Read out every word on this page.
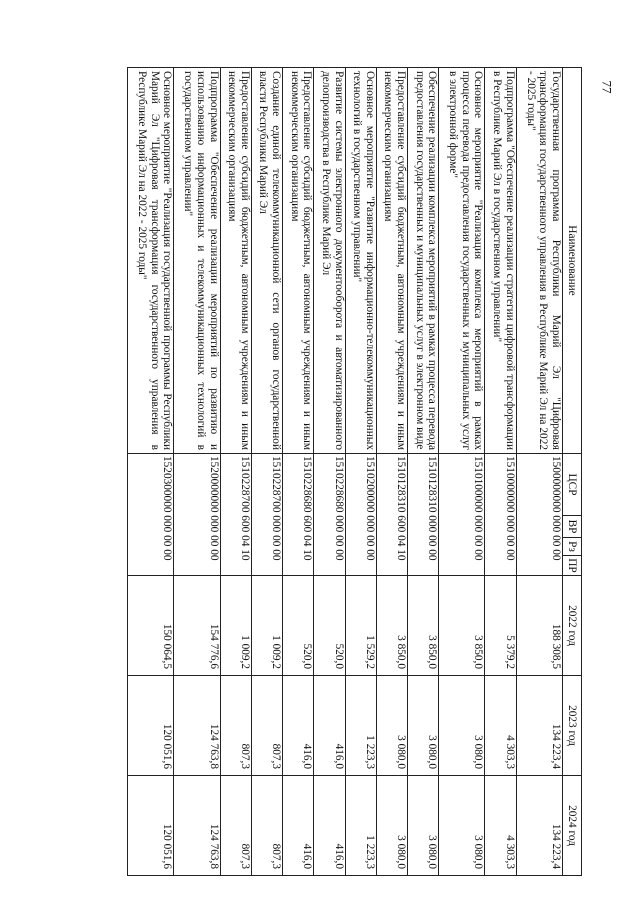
77
Наименование	ЦСР	ВР	Рз	ПР	2022 год	2023 год	2024 год
Государственная программа Республики Марий Эл "Цифровая трансформация государственного управления в Республике Марий Эл на 2022 - 2025 годы"	1500000000 000 00 00				188 308,5	134 223,4	134 223,4
Подпрограмма "Обеспечение реализации стратегии цифровой трансформации в Республике Марий Эл в государственном управлении"	1510000000 000 00 00				5 379,2	4 303,3	4 303,3
Основное мероприятие "Реализация комплекса мероприятий в рамках процесса перевода предоставления государственных и муниципальных услуг в электронной форме"	1510100000 000 00 00				3 850,0	3 080,0	3 080,0
Обеспечение реализации комплекса мероприятий в рамках процесса перевода предоставления государственных и муниципальных услуг в электронном виде	1510128310 000 00 00				3 850,0	3 080,0	3 080,0
Предоставление субсидий бюджетным, автономным учреждениям и иным некоммерческим организациям	1510128310 600 04 10				3 850,0	3 080,0	3 080,0
Основное мероприятие "Развитие информационно-телекоммуникационных технологий в государственном управлении"	1510200000 000 00 00				1 529,2	1 223,3	1 223,3
Развитие системы электронного документооборота и автоматизированного делопроизводства в Республике Марий Эл	1510228680 000 00 00				520,0	416,0	416,0
Предоставление субсидий бюджетным, автономным учреждениям и иным некоммерческим организациям	1510228680 600 04 10				520,0	416,0	416,0
Создание единой телекоммуникационной сети органов государственной власти Республики Марий Эл	1510228700 000 00 00				1 009,2	807,3	807,3
Предоставление субсидий бюджетным, автономным учреждениям и иным некоммерческим организациям	1510228700 600 04 10				1 009,2	807,3	807,3
Подпрограмма "Обеспечение реализации мероприятий по развитию и использованию информационных и телекоммуникационных технологий в государственном управлении"	1520000000 000 00 00				154 776,6	124 763,8	124 763,8
Основное мероприятие "Реализация государственной программы Республики Марий Эл "Цифровая трансформация государственного управления в Республике Марий Эл на 2022 - 2025 годы"	1520300000 000 00 00				150 064,5	120 051,6	120 051,6
